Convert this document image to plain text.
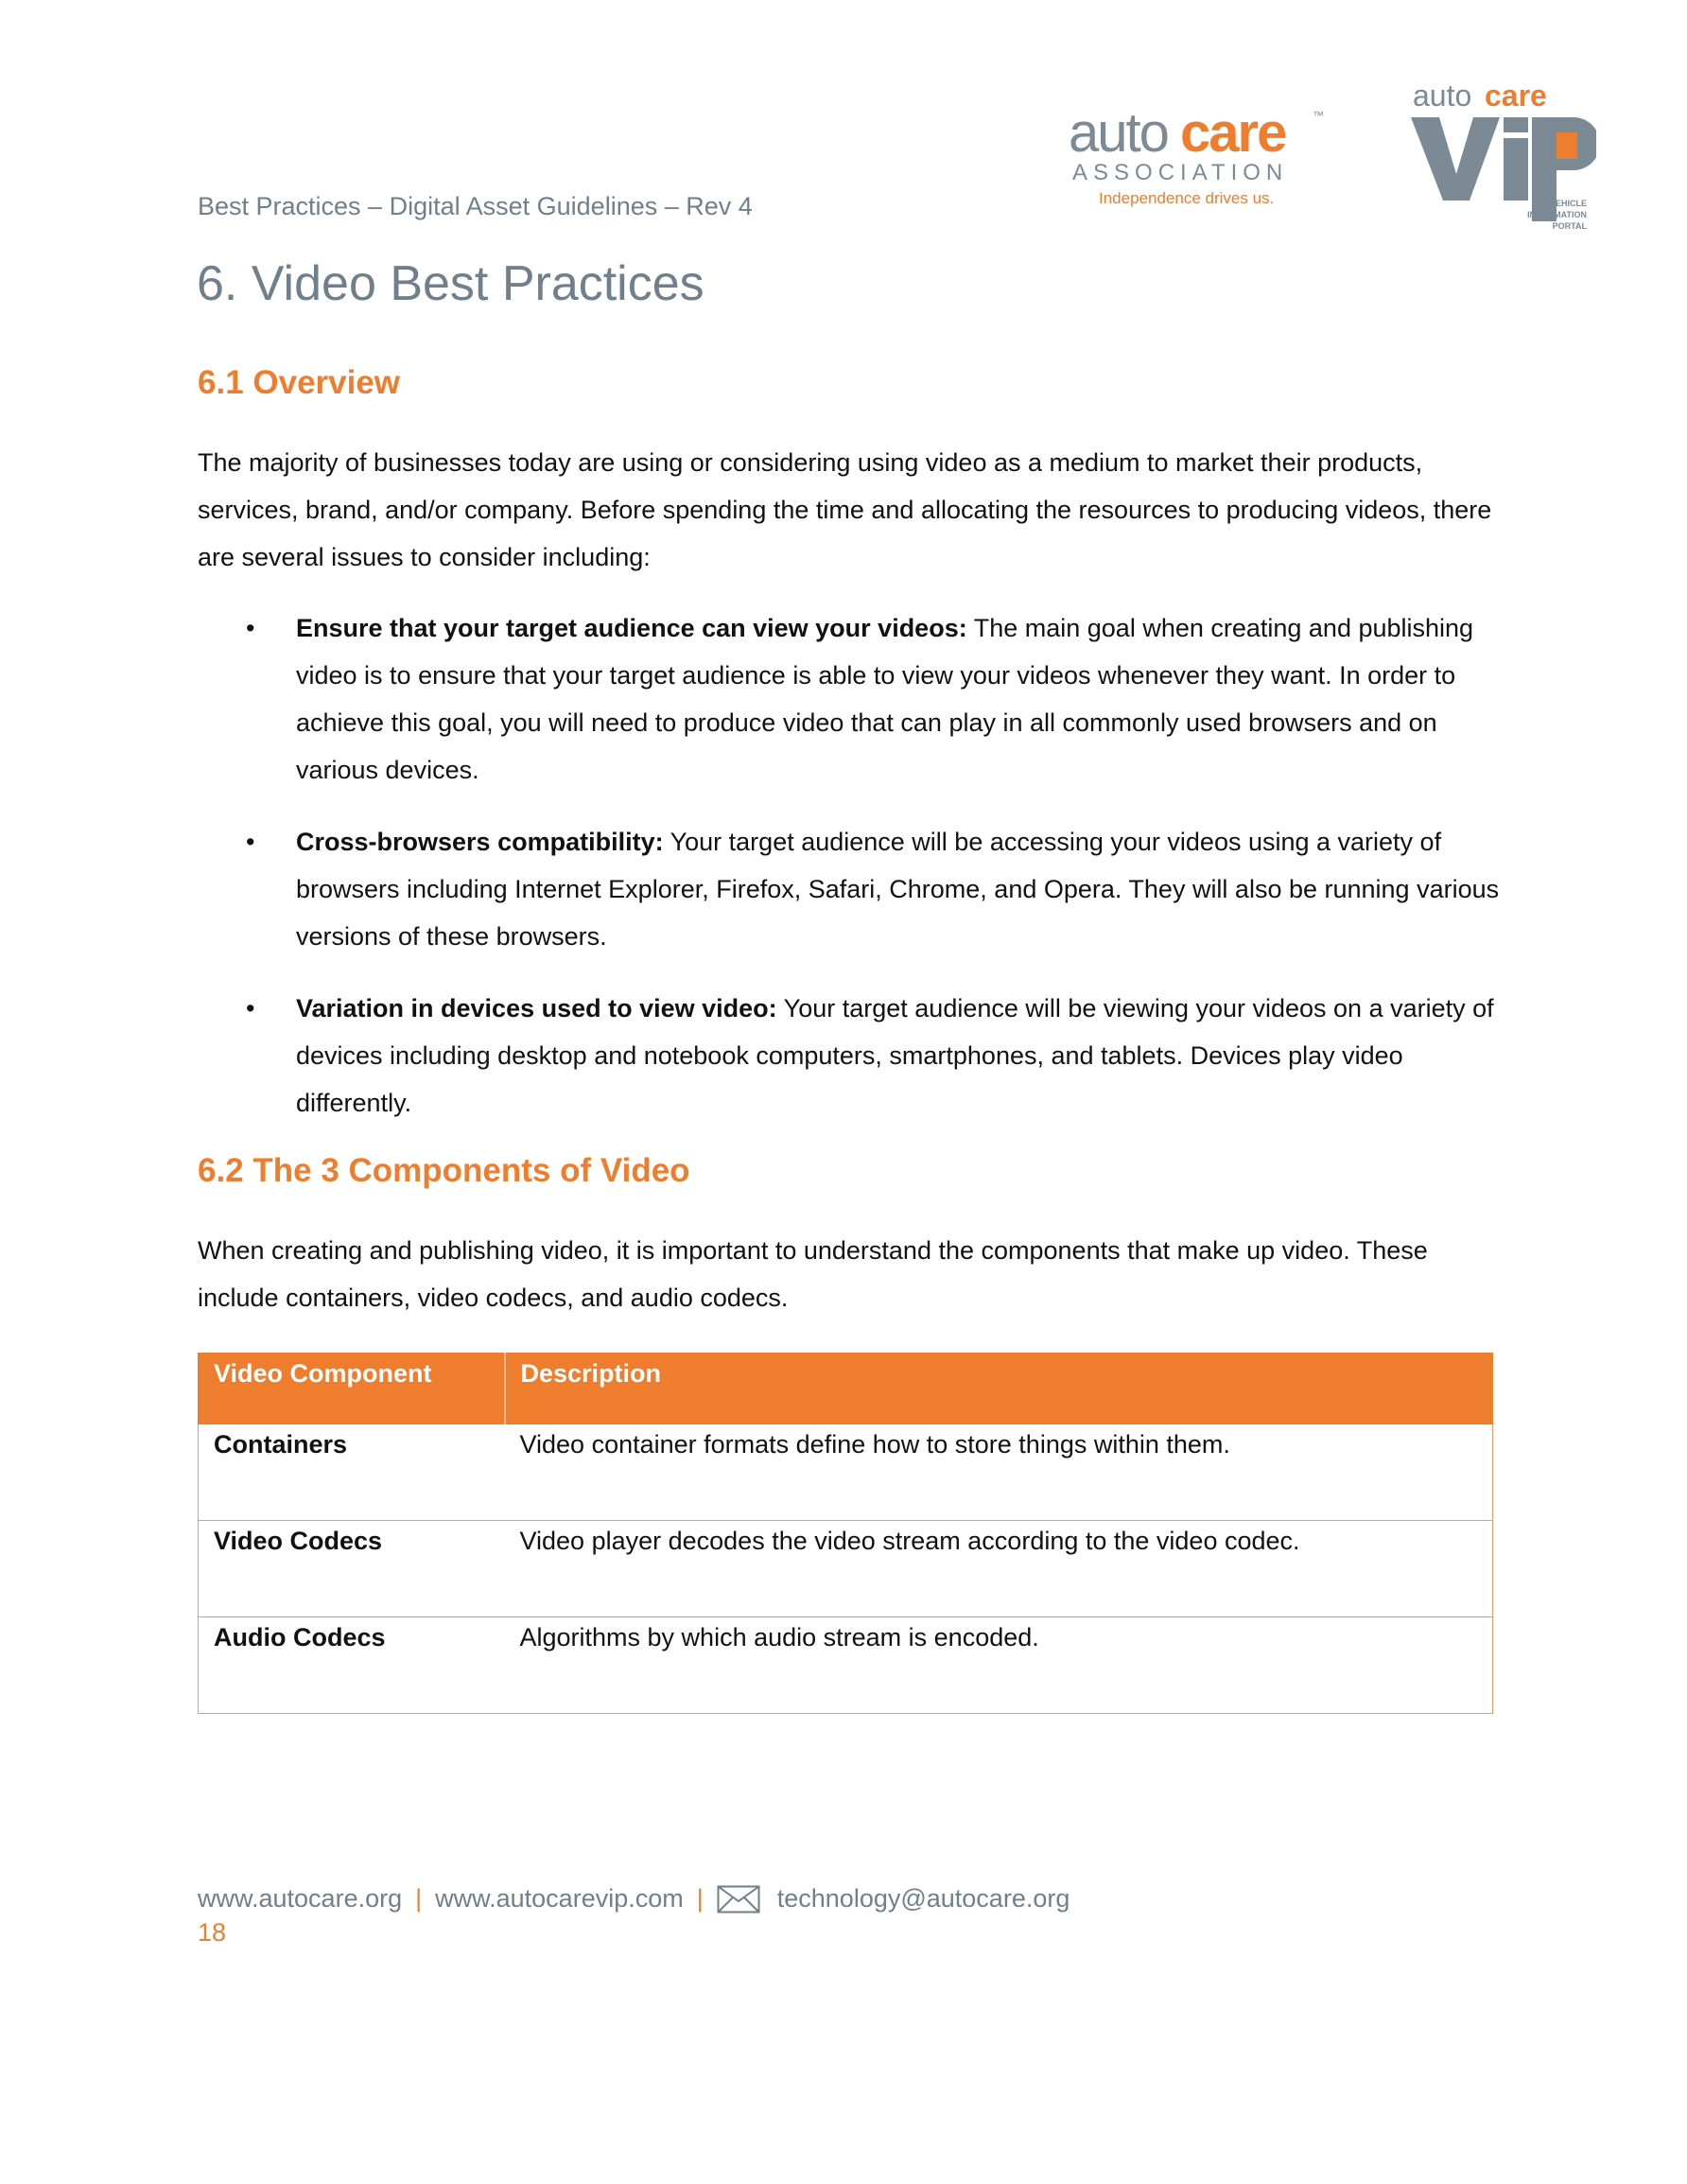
Best Practices – Digital Asset Guidelines – Rev 4
auto care ™
ASSOCIATION
Independence drives us.
auto care
VEHICLE
INFORMATION
PORTAL
6. Video Best Practices
6.1 Overview
The majority of businesses today are using or considering using video as a medium to market their products, services, brand, and/or company. Before spending the time and allocating the resources to producing videos, there are several issues to consider including:
• Ensure that your target audience can view your videos: The main goal when creating and publishing video is to ensure that your target audience is able to view your videos whenever they want. In order to achieve this goal, you will need to produce video that can play in all commonly used browsers and on various devices.
• Cross-browsers compatibility: Your target audience will be accessing your videos using a variety of browsers including Internet Explorer, Firefox, Safari, Chrome, and Opera. They will also be running various versions of these browsers.
• Variation in devices used to view video: Your target audience will be viewing your videos on a variety of devices including desktop and notebook computers, smartphones, and tablets. Devices play video differently.
6.2 The 3 Components of Video
When creating and publishing video, it is important to understand the components that make up video. These include containers, video codecs, and audio codecs.
Video Component	Description
Containers	Video container formats define how to store things within them.
Video Codecs	Video player decodes the video stream according to the video codec.
Audio Codecs	Algorithms by which audio stream is encoded.
www.autocare.org | www.autocarevip.com |	technology@autocare.org
18
